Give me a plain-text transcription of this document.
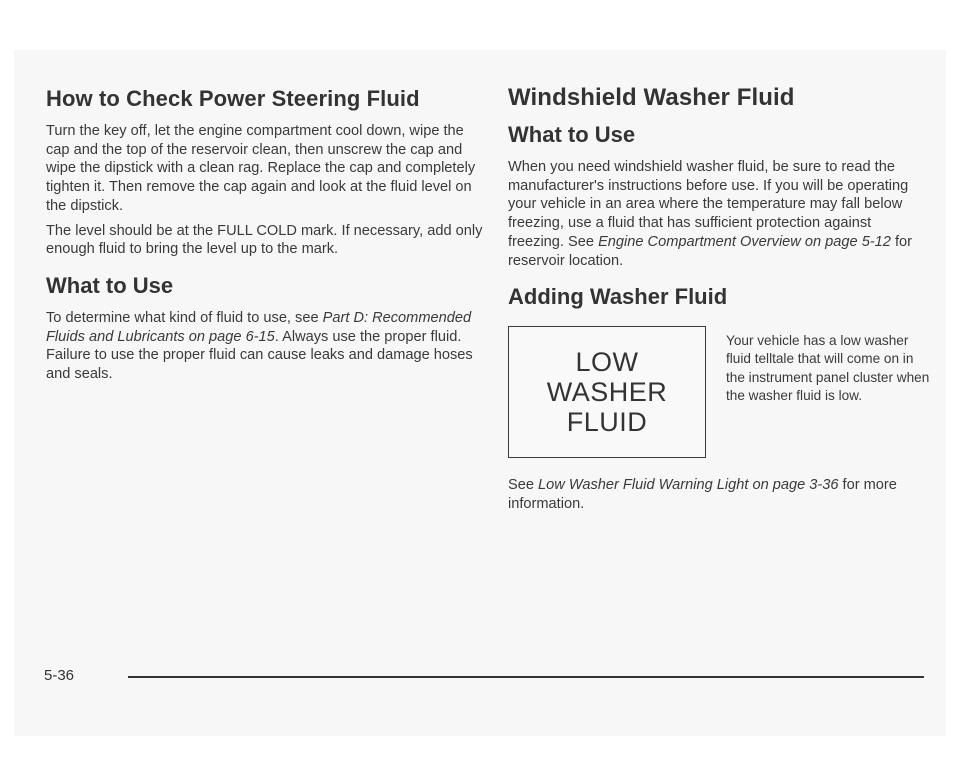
How to Check Power Steering Fluid

Turn the key off, let the engine compartment cool down, wipe the cap and the top of the reservoir clean, then unscrew the cap and wipe the dipstick with a clean rag. Replace the cap and completely tighten it. Then remove the cap again and look at the fluid level on the dipstick.

The level should be at the FULL COLD mark. If necessary, add only enough fluid to bring the level up to the mark.

What to Use

To determine what kind of fluid to use, see Part D: Recommended Fluids and Lubricants on page 6-15. Always use the proper fluid. Failure to use the proper fluid can cause leaks and damage hoses and seals.

Windshield Washer Fluid
What to Use

When you need windshield washer fluid, be sure to read the manufacturer's instructions before use. If you will be operating your vehicle in an area where the temperature may fall below freezing, use a fluid that has sufficient protection against freezing. See Engine Compartment Overview on page 5-12 for reservoir location.

Adding Washer Fluid
LOW
WASHER
FLUID

Your vehicle has a low washer fluid telltale that will come on in the instrument panel cluster when the washer fluid is low.

See Low Washer Fluid Warning Light on page 3-36 for more information.

5-36
